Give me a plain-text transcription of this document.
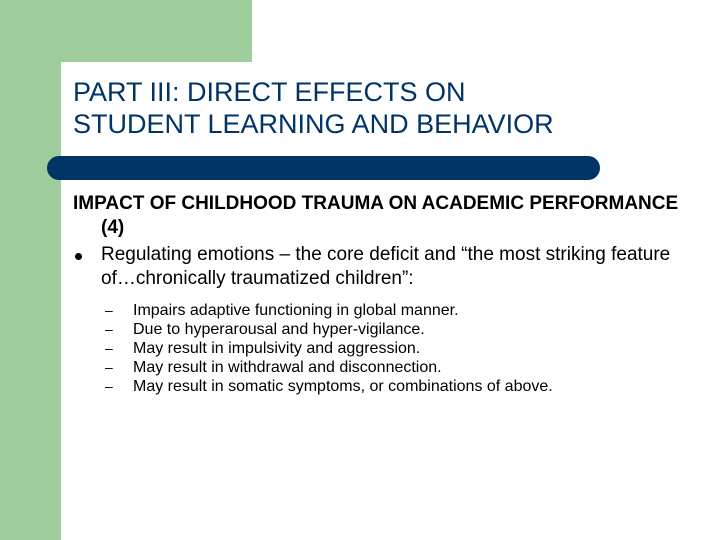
PART III: DIRECT EFFECTS ON
STUDENT LEARNING AND BEHAVIOR

IMPACT OF CHILDHOOD TRAUMA ON ACADEMIC PERFORMANCE (4)

Regulating emotions – the core deficit and “the most striking feature of…chronically traumatized children”:
– Impairs adaptive functioning in global manner.
– Due to hyperarousal and hyper-vigilance.
– May result in impulsivity and aggression.
– May result in withdrawal and disconnection.
– May result in somatic symptoms, or combinations of above.
